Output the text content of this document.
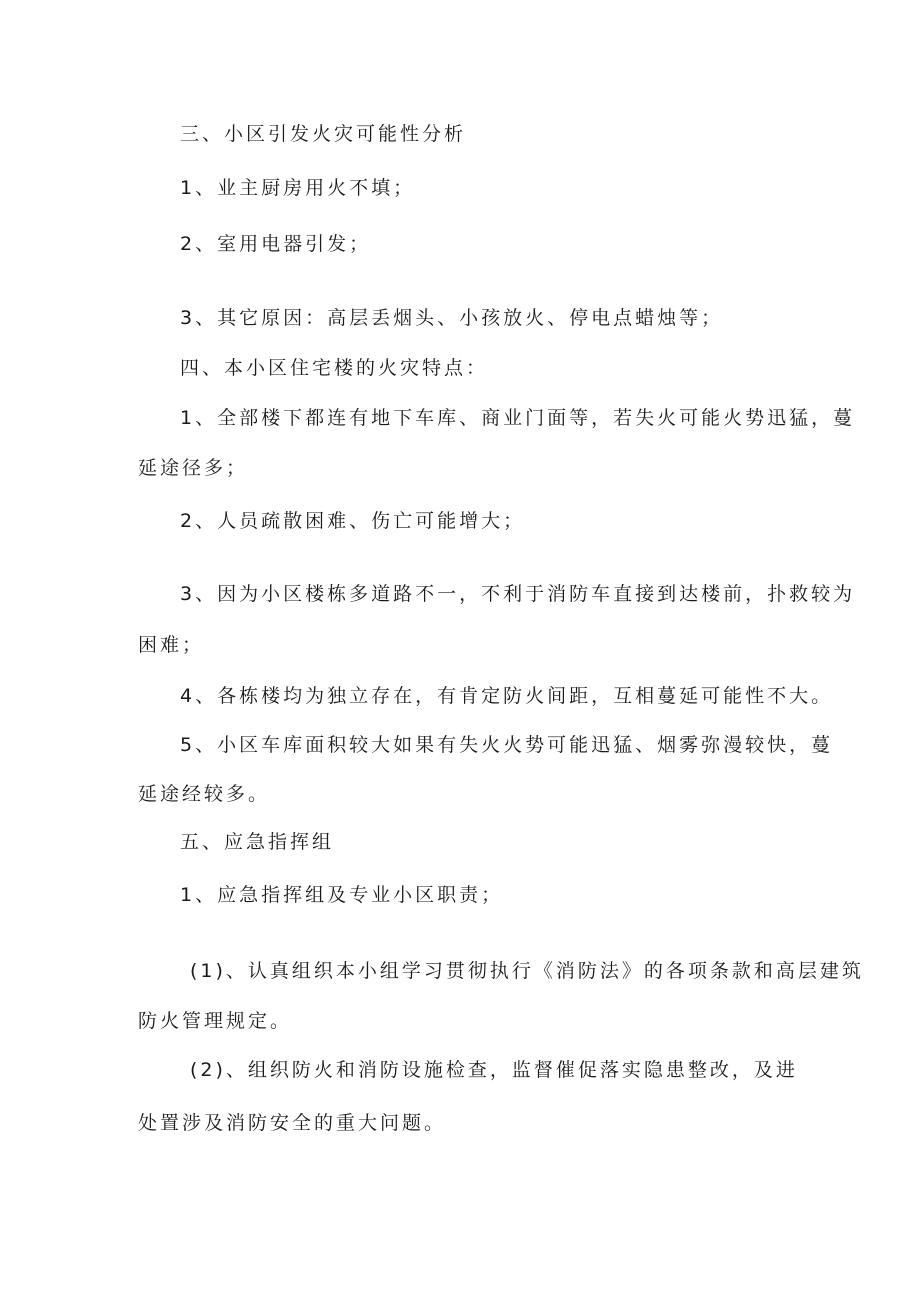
三、小区引发火灾可能性分析

1、业主厨房用火不填；

2、室用电器引发；

3、其它原因：高层丢烟头、小孩放火、停电点蜡烛等；

四、本小区住宅楼的火灾特点：

1、全部楼下都连有地下车库、商业门面等，若失火可能火势迅猛，蔓

延途径多；

2、人员疏散困难、伤亡可能增大；

3、因为小区楼栋多道路不一，不利于消防车直接到达楼前，扑救较为

困难；

4、各栋楼均为独立存在，有肯定防火间距，互相蔓延可能性不大。

5、小区车库面积较大如果有失火火势可能迅猛、烟雾弥漫较快，蔓

延途经较多。

五、应急指挥组

1、应急指挥组及专业小区职责；

(1)、认真组织本小组学习贯彻执行《消防法》的各项条款和高层建筑

防火管理规定。

(2)、组织防火和消防设施检查，监督催促落实隐患整改，及进

处置涉及消防安全的重大问题。
